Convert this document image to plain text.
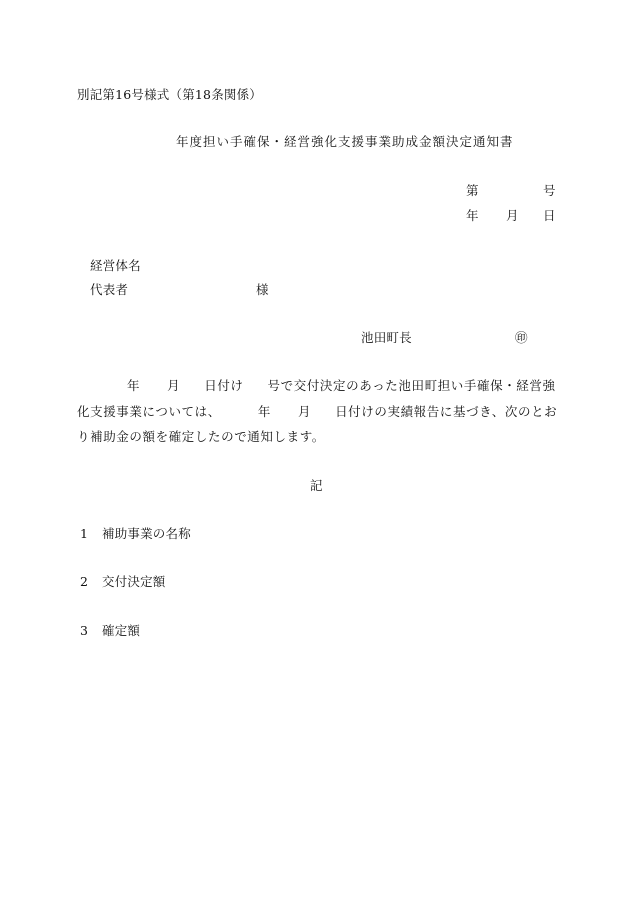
別記第16号様式（第18条関係）
年度担い手確保・経営強化支援事業助成金額決定通知書
第	号
年 月 日
経営体名
代表者	様
池田町長	㊞
年 月 日付け 号で交付決定のあった池田町担い手確保・経営強
化支援事業については、	年 月 日付けの実績報告に基づき、次のとお
り補助金の額を確定したので通知します。
記
1 補助事業の名称
2 交付決定額
3 確定額
